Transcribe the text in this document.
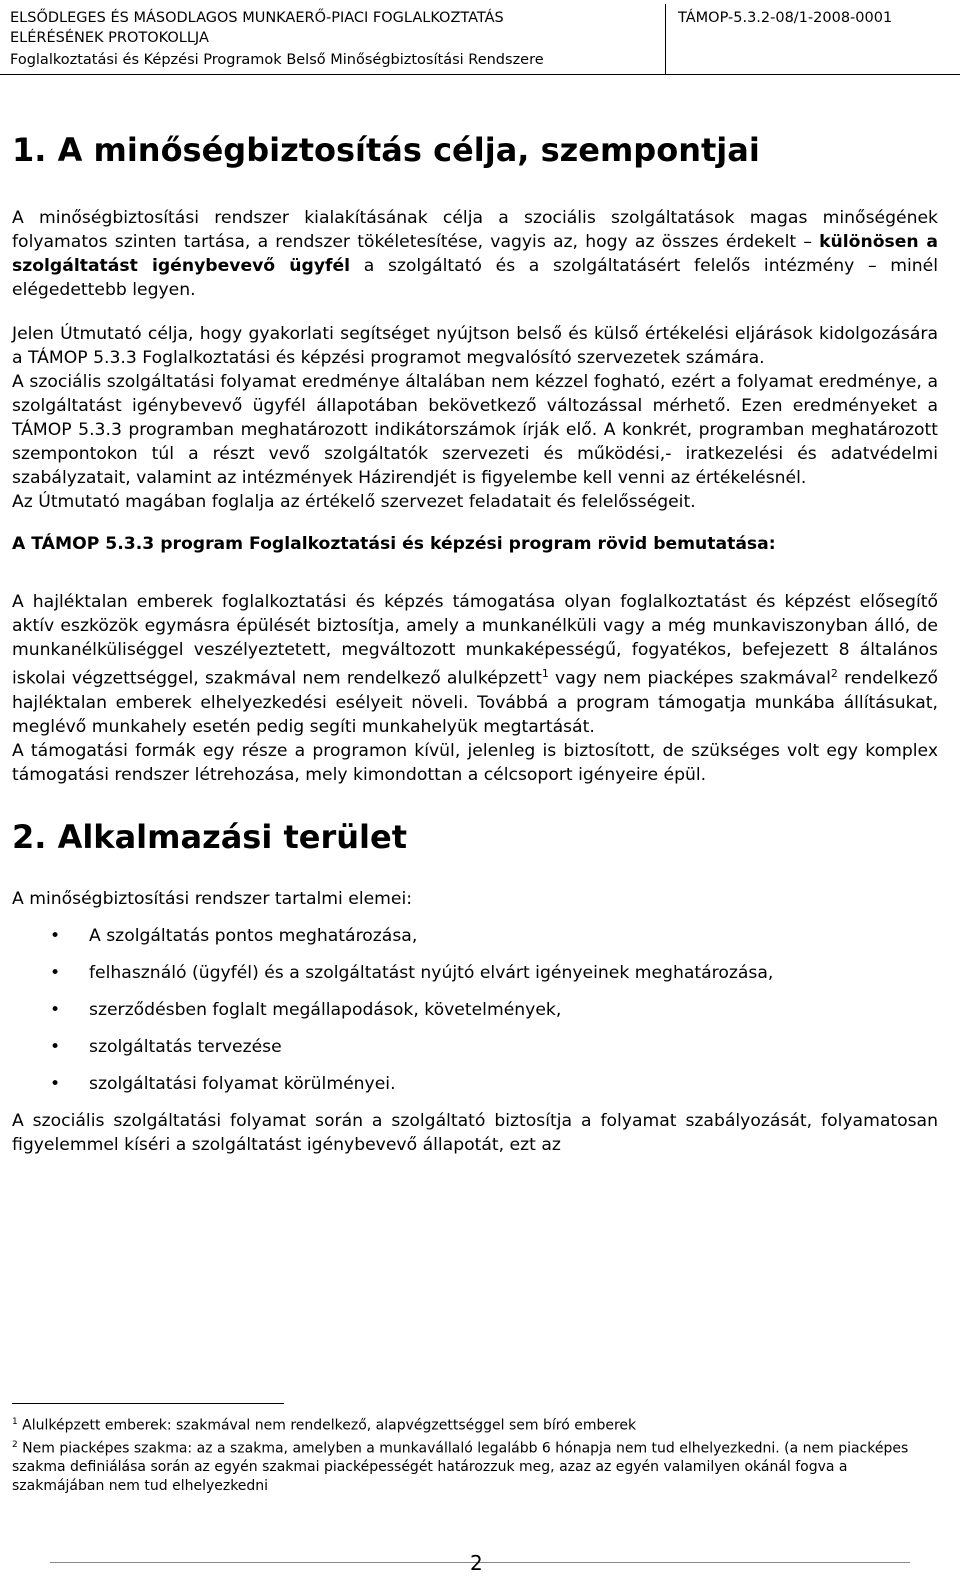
ELSŐDLEGES ÉS MÁSODLAGOS MUNKAERŐ-PIACI FOGLALKOZTATÁS
ELÉRÉSÉNEK PROTOKOLLJA
TÁMOP-5.3.2-08/1-2008-0001
Foglalkoztatási és Képzési Programok Belső Minőségbiztosítási Rendszere
1. A minőségbiztosítás célja, szempontjai

A minőségbiztosítási rendszer kialakításának célja a szociális szolgáltatások magas minőségének folyamatos szinten tartása, a rendszer tökéletesítése, vagyis az, hogy az összes érdekelt – különösen a szolgáltatást igénybevevő ügyfél a szolgáltató és a szolgáltatásért felelős intézmény – minél elégedettebb legyen.

Jelen Útmutató célja, hogy gyakorlati segítséget nyújtson belső és külső értékelési eljárások kidolgozására a TÁMOP 5.3.3 Foglalkoztatási és képzési programot megvalósító szervezetek számára.

A szociális szolgáltatási folyamat eredménye általában nem kézzel fogható, ezért a folyamat eredménye, a szolgáltatást igénybevevő ügyfél állapotában bekövetkező változással mérhető. Ezen eredményeket a TÁMOP 5.3.3 programban meghatározott indikátorszámok írják elő. A konkrét, programban meghatározott szempontokon túl a részt vevő szolgáltatók szervezeti és működési,- iratkezelési és adatvédelmi szabályzatait, valamint az intézmények Házirendjét is figyelembe kell venni az értékelésnél.

Az Útmutató magában foglalja az értékelő szervezet feladatait és felelősségeit.

A TÁMOP 5.3.3 program Foglalkoztatási és képzési program rövid bemutatása:

A hajléktalan emberek foglalkoztatási és képzés támogatása olyan foglalkoztatást és képzést elősegítő aktív eszközök egymásra épülését biztosítja, amely a munkanélküli vagy a még munkaviszonyban álló, de munkanélküliséggel veszélyeztetett, megváltozott munkaképességű, fogyatékos, befejezett 8 általános iskolai végzettséggel, szakmával nem rendelkező alulképzett$^1$ vagy nem piacképes szakmával$^2$ rendelkező hajléktalan emberek elhelyezkedési esélyeit növeli. Továbbá a program támogatja munkába állításukat, meglévő munkahely esetén pedig segíti munkahelyük megtartását.

A támogatási formák egy része a programon kívül, jelenleg is biztosított, de szükséges volt egy komplex támogatási rendszer létrehozása, mely kimondottan a célcsoport igényeire épül.

2. Alkalmazási terület

A minőségbiztosítási rendszer tartalmi elemei:

• A szolgáltatás pontos meghatározása,
• felhasználó (ügyfél) és a szolgáltatást nyújtó elvárt igényeinek meghatározása,
• szerződésben foglalt megállapodások, követelmények,
• szolgáltatás tervezése
• szolgáltatási folyamat körülményei.

A szociális szolgáltatási folyamat során a szolgáltató biztosítja a folyamat szabályozását, folyamatosan figyelemmel kíséri a szolgáltatást igénybevevő állapotát, ezt az

$^1$ Alulképzett emberek: szakmával nem rendelkező, alapvégzettséggel sem bíró emberek
$^2$ Nem piacképes szakma: az a szakma, amelyben a munkavállaló legalább 6 hónapja nem tud elhelyezkedni. (a nem piacképes szakma definiálása során az egyén szakmai piacképességét határozzuk meg, azaz az egyén valamilyen okánál fogva a szakmájában nem tud elhelyezkedni
2
